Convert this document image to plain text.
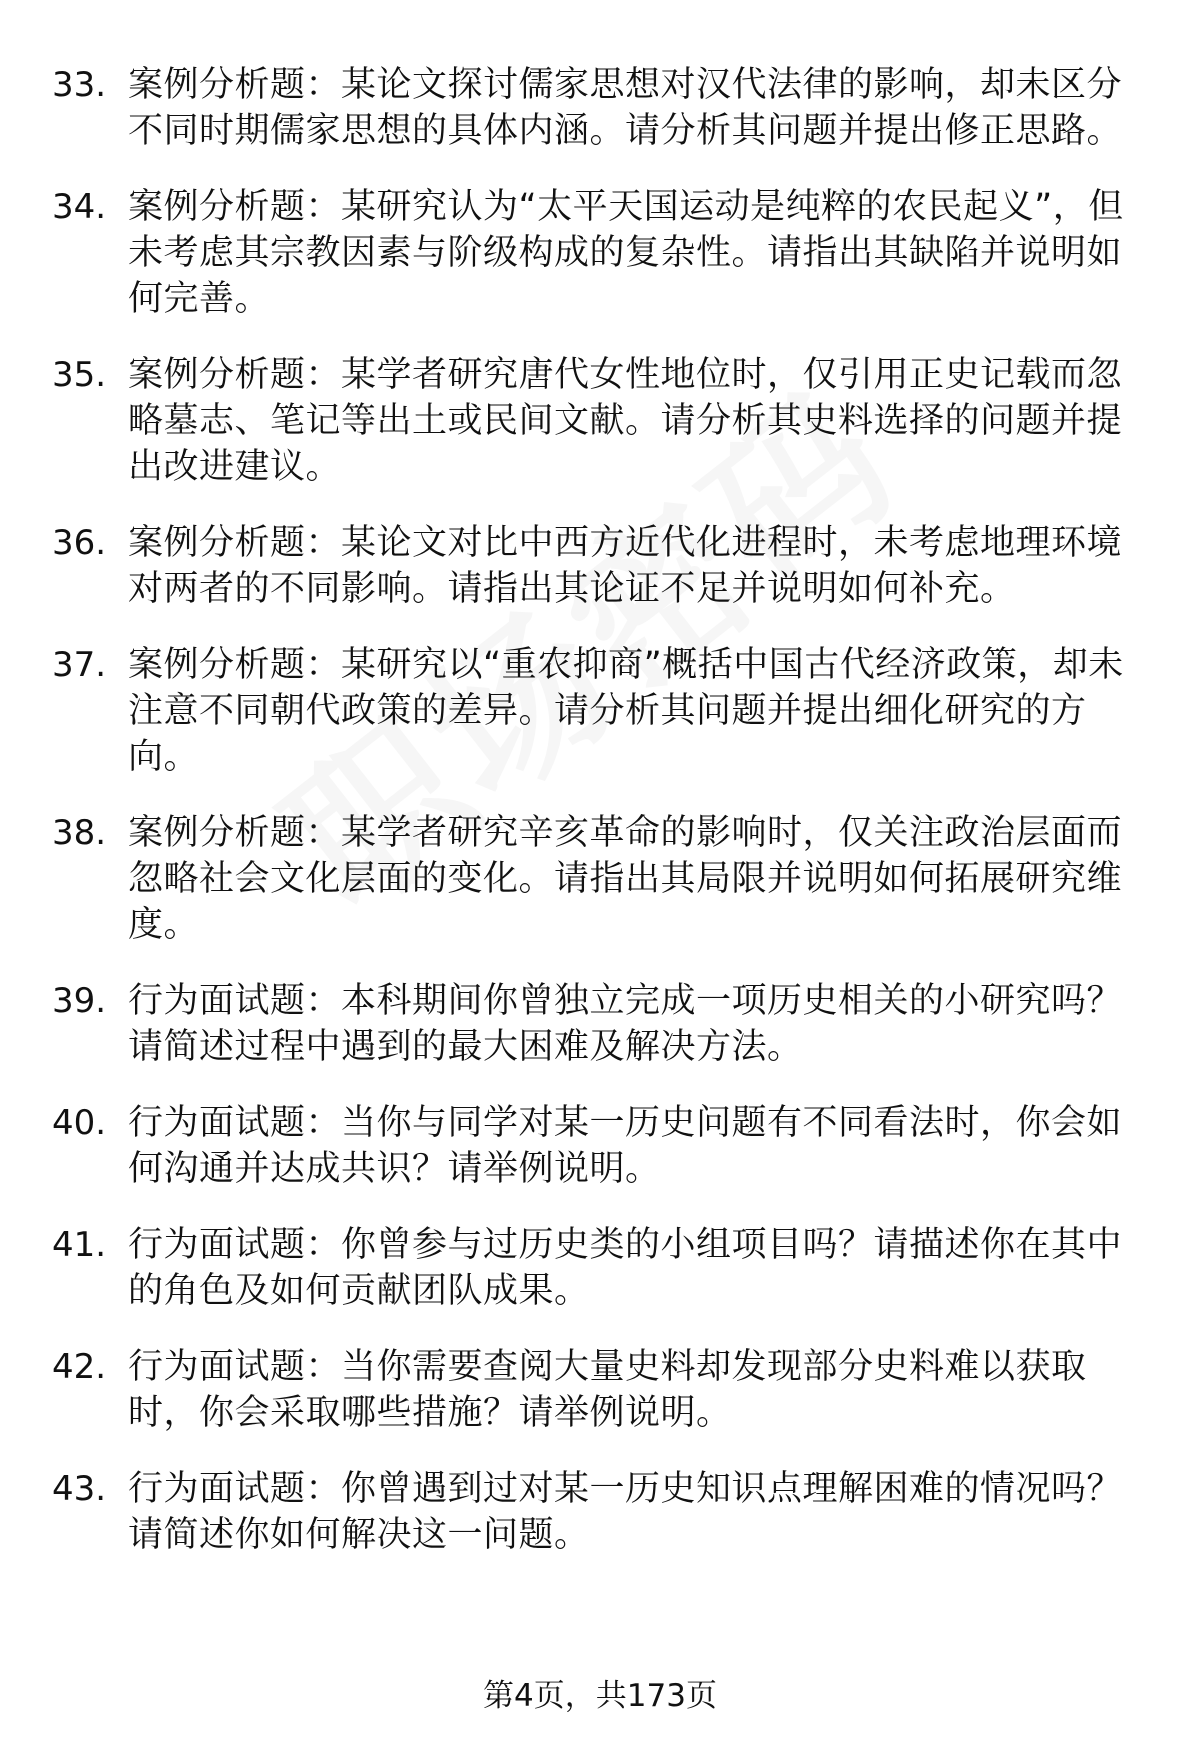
33. 案例分析题：某论文探讨儒家思想对汉代法律的影响，却未区分不同时期儒家思想的具体内涵。请分析其问题并提出修正思路。
34. 案例分析题：某研究认为“太平天国运动是纯粹的农民起义”，但未考虑其宗教因素与阶级构成的复杂性。请指出其缺陷并说明如何完善。
35. 案例分析题：某学者研究唐代女性地位时，仅引用正史记载而忽略墓志、笔记等出土或民间文献。请分析其史料选择的问题并提出改进建议。
36. 案例分析题：某论文对比中西方近代化进程时，未考虑地理环境对两者的不同影响。请指出其论证不足并说明如何补充。
37. 案例分析题：某研究以“重农抑商”概括中国古代经济政策，却未注意不同朝代政策的差异。请分析其问题并提出细化研究的方向。
38. 案例分析题：某学者研究辛亥革命的影响时，仅关注政治层面而忽略社会文化层面的变化。请指出其局限并说明如何拓展研究维度。
39. 行为面试题：本科期间你曾独立完成一项历史相关的小研究吗？请简述过程中遇到的最大困难及解决方法。
40. 行为面试题：当你与同学对某一历史问题有不同看法时，你会如何沟通并达成共识？请举例说明。
41. 行为面试题：你曾参与过历史类的小组项目吗？请描述你在其中的角色及如何贡献团队成果。
42. 行为面试题：当你需要查阅大量史料却发现部分史料难以获取时，你会采取哪些措施？请举例说明。
43. 行为面试题：你曾遇到过对某一历史知识点理解困难的情况吗？请简述你如何解决这一问题。
第4页，共173页
